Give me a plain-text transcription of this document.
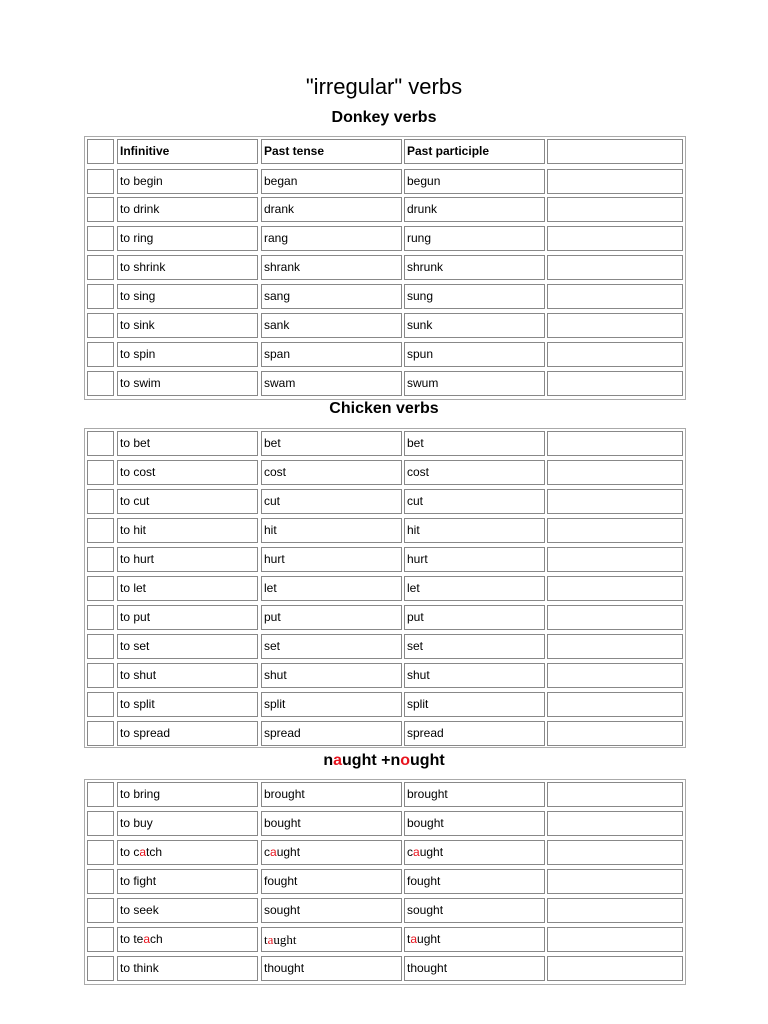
"irregular" verbs
Donkey verbs
Infinitive	Past tense	Past participle
to begin	began	begun
to drink	drank	drunk
to ring	rang	rung
to shrink	shrank	shrunk
to sing	sang	sung
to sink	sank	sunk
to spin	span	spun
to swim	swam	swum
Chicken verbs
to bet	bet	bet
to cost	cost	cost
to cut	cut	cut
to hit	hit	hit
to hurt	hurt	hurt
to let	let	let
to put	put	put
to set	set	set
to shut	shut	shut
to split	split	split
to spread	spread	spread
naught +nought
to bring	brought	brought
to buy	bought	bought
to catch	caught	caught
to fight	fought	fought
to seek	sought	sought
to teach	taught	taught
to think	thought	thought
